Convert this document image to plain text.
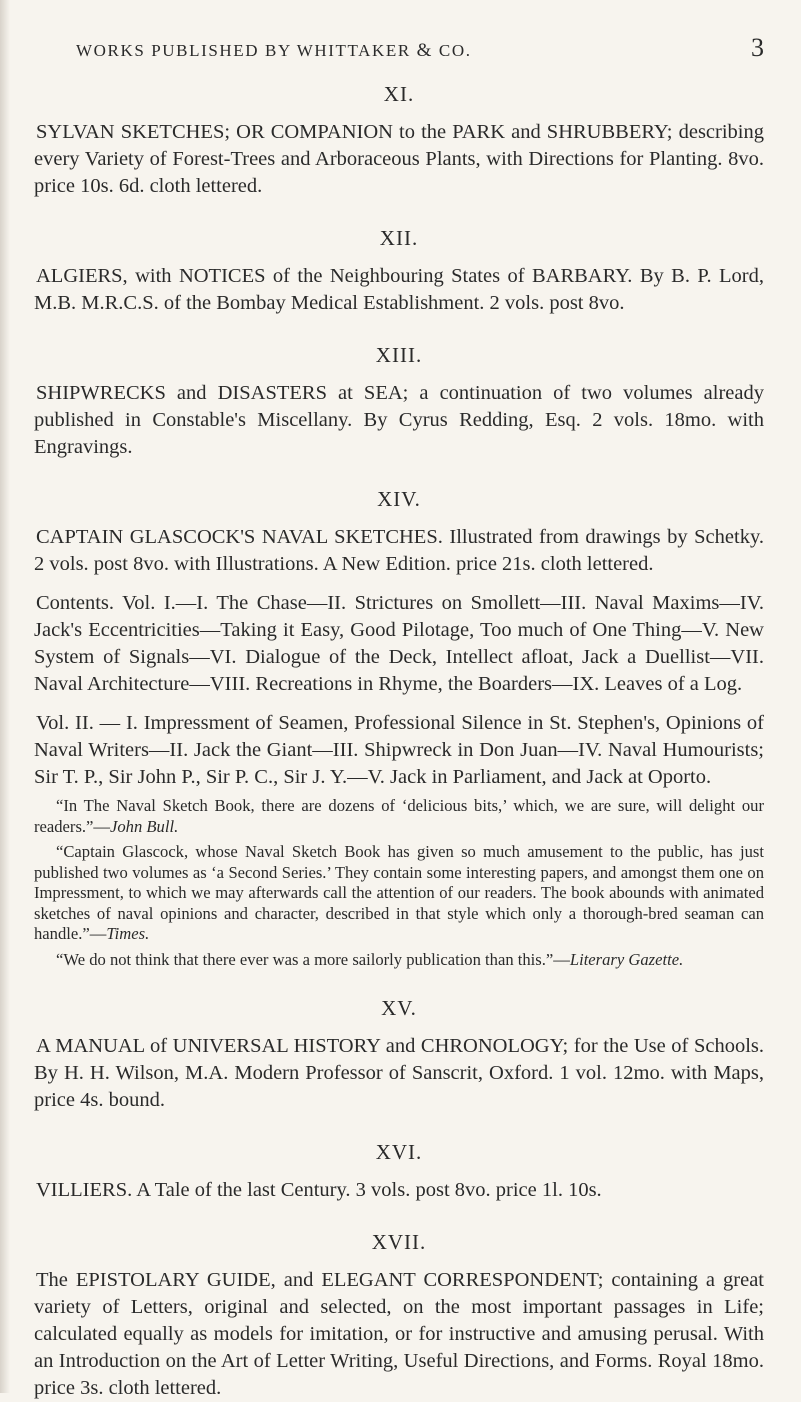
WORKS PUBLISHED BY WHITTAKER & CO.	3
XI.

SYLVAN SKETCHES; OR COMPANION to the PARK and SHRUBBERY; describing every Variety of Forest-Trees and Arboraceous Plants, with Directions for Planting. 8vo. price 10s. 6d. cloth lettered.

XII.

ALGIERS, with NOTICES of the Neighbouring States of BARBARY. By B. P. Lord, M.B. M.R.C.S. of the Bombay Medical Establishment. 2 vols. post 8vo.

XIII.

SHIPWRECKS and DISASTERS at SEA; a continuation of two volumes already published in Constable's Miscellany. By Cyrus Redding, Esq. 2 vols. 18mo. with Engravings.

XIV.

CAPTAIN GLASCOCK'S NAVAL SKETCHES. Illustrated from drawings by Schetky. 2 vols. post 8vo. with Illustrations. A New Edition. price 21s. cloth lettered.

Contents. Vol. I.—I. The Chase—II. Strictures on Smollett—III. Naval Maxims—IV. Jack's Eccentricities—Taking it Easy, Good Pilotage, Too much of One Thing—V. New System of Signals—VI. Dialogue of the Deck, Intellect afloat, Jack a Duellist—VII. Naval Architecture—VIII. Recreations in Rhyme, the Boarders—IX. Leaves of a Log.

Vol. II. — I. Impressment of Seamen, Professional Silence in St. Stephen's, Opinions of Naval Writers—II. Jack the Giant—III. Shipwreck in Don Juan—IV. Naval Humourists; Sir T. P., Sir John P., Sir P. C., Sir J. Y.—V. Jack in Parliament, and Jack at Oporto.

“In The Naval Sketch Book, there are dozens of ‘delicious bits,’ which, we are sure, will delight our readers.”—John Bull.

“Captain Glascock, whose Naval Sketch Book has given so much amusement to the public, has just published two volumes as ‘a Second Series.’ They contain some interesting papers, and amongst them one on Impressment, to which we may afterwards call the attention of our readers. The book abounds with animated sketches of naval opinions and character, described in that style which only a thorough-bred seaman can handle.”—Times.

“We do not think that there ever was a more sailorly publication than this.”—Literary Gazette.

XV.

A MANUAL of UNIVERSAL HISTORY and CHRONOLOGY; for the Use of Schools. By H. H. Wilson, M.A. Modern Professor of Sanscrit, Oxford. 1 vol. 12mo. with Maps, price 4s. bound.

XVI.

VILLIERS. A Tale of the last Century. 3 vols. post 8vo. price 1l. 10s.

XVII.

The EPISTOLARY GUIDE, and ELEGANT CORRESPONDENT; containing a great variety of Letters, original and selected, on the most important passages in Life; calculated equally as models for imitation, or for instructive and amusing perusal. With an Introduction on the Art of Letter Writing, Useful Directions, and Forms. Royal 18mo. price 3s. cloth lettered.
